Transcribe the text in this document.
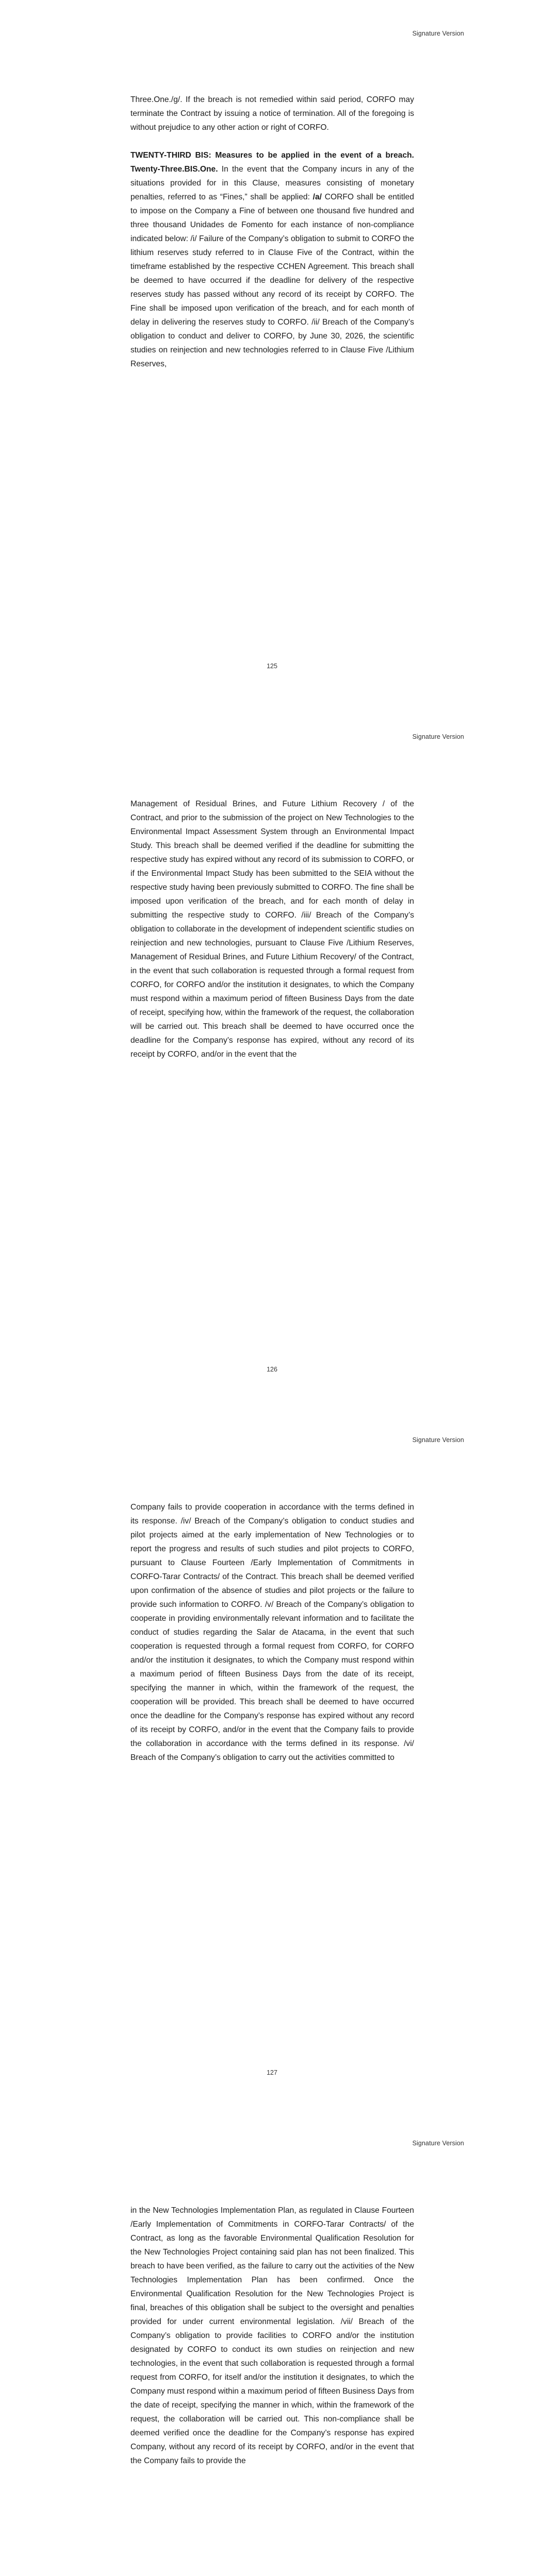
Signature Version

Three.One./g/. If the breach is not remedied within said period, CORFO may terminate the Contract by issuing a notice of termination. All of the foregoing is without prejudice to any other action or right of CORFO.

TWENTY-THIRD BIS: Measures to be applied in the event of a breach. Twenty-Three.BIS.One. In the event that the Company incurs in any of the situations provided for in this Clause, measures consisting of monetary penalties, referred to as “Fines,” shall be applied: /a/ CORFO shall be entitled to impose on the Company a Fine of between one thousand five hundred and three thousand Unidades de Fomento for each instance of non-compliance indicated below: /i/ Failure of the Company’s obligation to submit to CORFO the lithium reserves study referred to in Clause Five of the Contract, within the timeframe established by the respective CCHEN Agreement. This breach shall be deemed to have occurred if the deadline for delivery of the respective reserves study has passed without any record of its receipt by CORFO. The Fine shall be imposed upon verification of the breach, and for each month of delay in delivering the reserves study to CORFO. /ii/ Breach of the Company’s obligation to conduct and deliver to CORFO, by June 30, 2026, the scientific studies on reinjection and new technologies referred to in Clause Five /Lithium Reserves,

125
Signature Version

Management of Residual Brines, and Future Lithium Recovery / of the Contract, and prior to the submission of the project on New Technologies to the Environmental Impact Assessment System through an Environmental Impact Study. This breach shall be deemed verified if the deadline for submitting the respective study has expired without any record of its submission to CORFO, or if the Environmental Impact Study has been submitted to the SEIA without the respective study having been previously submitted to CORFO. The fine shall be imposed upon verification of the breach, and for each month of delay in submitting the respective study to CORFO. /iii/ Breach of the Company’s obligation to collaborate in the development of independent scientific studies on reinjection and new technologies, pursuant to Clause Five /Lithium Reserves, Management of Residual Brines, and Future Lithium Recovery/ of the Contract, in the event that such collaboration is requested through a formal request from CORFO, for CORFO and/or the institution it designates, to which the Company must respond within a maximum period of fifteen Business Days from the date of receipt, specifying how, within the framework of the request, the collaboration will be carried out. This breach shall be deemed to have occurred once the deadline for the Company’s response has expired, without any record of its receipt by CORFO, and/or in the event that the

126
Signature Version

Company fails to provide cooperation in accordance with the terms defined in its response. /iv/ Breach of the Company’s obligation to conduct studies and pilot projects aimed at the early implementation of New Technologies or to report the progress and results of such studies and pilot projects to CORFO, pursuant to Clause Fourteen /Early Implementation of Commitments in CORFO-Tarar Contracts/ of the Contract. This breach shall be deemed verified upon confirmation of the absence of studies and pilot projects or the failure to provide such information to CORFO. /v/ Breach of the Company’s obligation to cooperate in providing environmentally relevant information and to facilitate the conduct of studies regarding the Salar de Atacama, in the event that such cooperation is requested through a formal request from CORFO, for CORFO and/or the institution it designates, to which the Company must respond within a maximum period of fifteen Business Days from the date of its receipt, specifying the manner in which, within the framework of the request, the cooperation will be provided. This breach shall be deemed to have occurred once the deadline for the Company’s response has expired without any record of its receipt by CORFO, and/or in the event that the Company fails to provide the collaboration in accordance with the terms defined in its response. /vi/ Breach of the Company’s obligation to carry out the activities committed to

127
Signature Version

in the New Technologies Implementation Plan, as regulated in Clause Fourteen /Early Implementation of Commitments in CORFO-Tarar Contracts/ of the Contract, as long as the favorable Environmental Qualification Resolution for the New Technologies Project containing said plan has not been finalized. This breach to have been verified, as the failure to carry out the activities of the New Technologies Implementation Plan has been confirmed. Once the Environmental Qualification Resolution for the New Technologies Project is final, breaches of this obligation shall be subject to the oversight and penalties provided for under current environmental legislation. /vii/ Breach of the Company’s obligation to provide facilities to CORFO and/or the institution designated by CORFO to conduct its own studies on reinjection and new technologies, in the event that such collaboration is requested through a formal request from CORFO, for itself and/or the institution it designates, to which the Company must respond within a maximum period of fifteen Business Days from the date of receipt, specifying the manner in which, within the framework of the request, the collaboration will be carried out. This non-compliance shall be deemed verified once the deadline for the Company’s response has expired Company, without any record of its receipt by CORFO, and/or in the event that the Company fails to provide the
